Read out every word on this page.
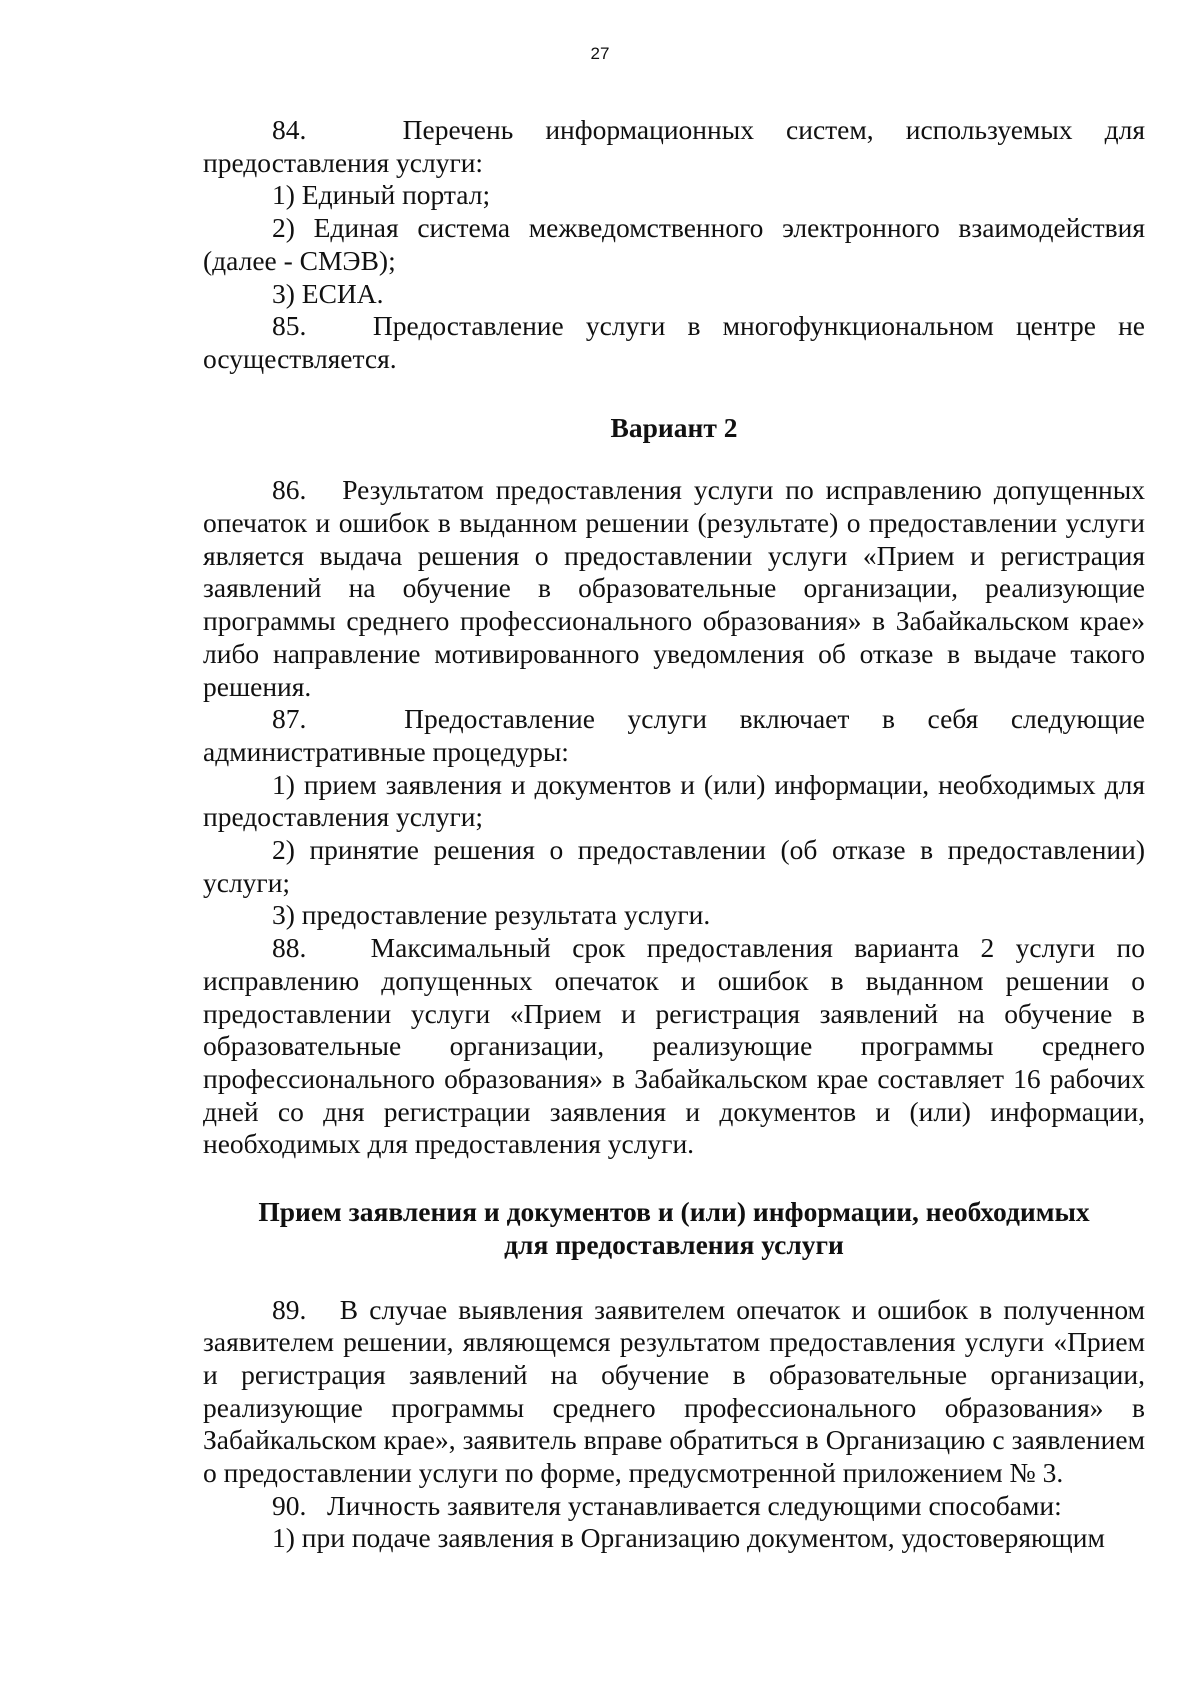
27

84.   Перечень информационных систем, используемых для предоставления услуги:

1) Единый портал;

2) Единая система межведомственного электронного взаимодействия (далее - СМЭВ);

3) ЕСИА.

85.   Предоставление услуги в многофункциональном центре не осуществляется.

Вариант 2

86.   Результатом предоставления услуги по исправлению допущенных опечаток и ошибок в выданном решении (результате) о предоставлении услуги является выдача решения о предоставлении услуги «Прием и регистрация заявлений на обучение в образовательные организации, реализующие программы среднего профессионального образования» в Забайкальском крае» либо направление мотивированного уведомления об отказе в выдаче такого решения.

87.   Предоставление услуги включает в себя следующие административные процедуры:

1) прием заявления и документов и (или) информации, необходимых для предоставления услуги;

2) принятие решения о предоставлении (об отказе в предоставлении) услуги;

3) предоставление результата услуги.

88.   Максимальный срок предоставления варианта 2 услуги по исправлению допущенных опечаток и ошибок в выданном решении о предоставлении услуги «Прием и регистрация заявлений на обучение в образовательные организации, реализующие программы среднего профессионального образования» в Забайкальском крае составляет 16 рабочих дней со дня регистрации заявления и документов и (или) информации, необходимых для предоставления услуги.

Прием заявления и документов и (или) информации, необходимых
для предоставления услуги

89.   В случае выявления заявителем опечаток и ошибок в полученном заявителем решении, являющемся результатом предоставления услуги «Прием и регистрация заявлений на обучение в образовательные организации, реализующие программы среднего профессионального образования» в Забайкальском крае», заявитель вправе обратиться в Организацию с заявлением о предоставлении услуги по форме, предусмотренной приложением № 3.

90.   Личность заявителя устанавливается следующими способами:

1) при подаче заявления в Организацию документом, удостоверяющим
